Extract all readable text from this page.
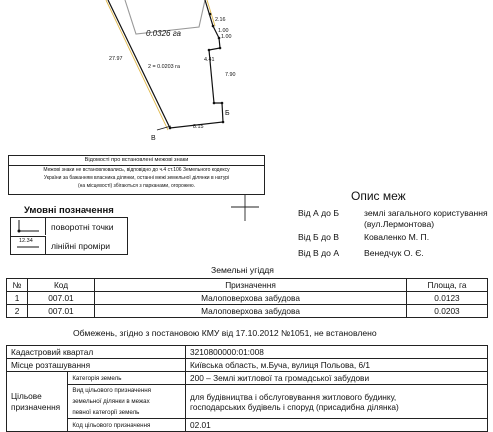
0.0326 га
2 = 0.0203 га
27.97
2.16
1.00
1.00
4.41
7.90
8.15
В
Б
Відомості про встановлені межові знаки
Межові знаки не встановлювались, відповідно до ч.4 ст.106 Земельного кодексу
України за бажанням власника ділянки, останні межі земельної ділянки в натурі
(на місцевості) збігаються з парканами, огорожею.
Умовні позначення
поворотні точки
12.34 лінійні проміри
Опис меж
Від А до Б	землі загального користування
(вул.Лермонтова)
Від Б до В	Коваленко М. П.
Від В до А	Венедчук О. Є.
Земельні угіддя
№	Код	Призначення	Площа, га
1	007.01	Малоповерхова забудова	0.0123
2	007.01	Малоповерхова забудова	0.0203
Обмежень, згідно з постановою КМУ від 17.10.2012 №1051, не встановлено
Кадастровий квартал		3210800000:01:008
Місце розташування		Київська область, м.Буча, вулиця Польова, 6/1
Цільове
призначення	Категорія земель	200 – Землі житлової та громадської забудови
	Вид цільового призначення
земельної ділянки в межах
певної категорії земель	для будівництва і обслуговування житлового будинку,
господарських будівель і споруд (присадибна ділянка)
	Код цільового призначення	02.01
